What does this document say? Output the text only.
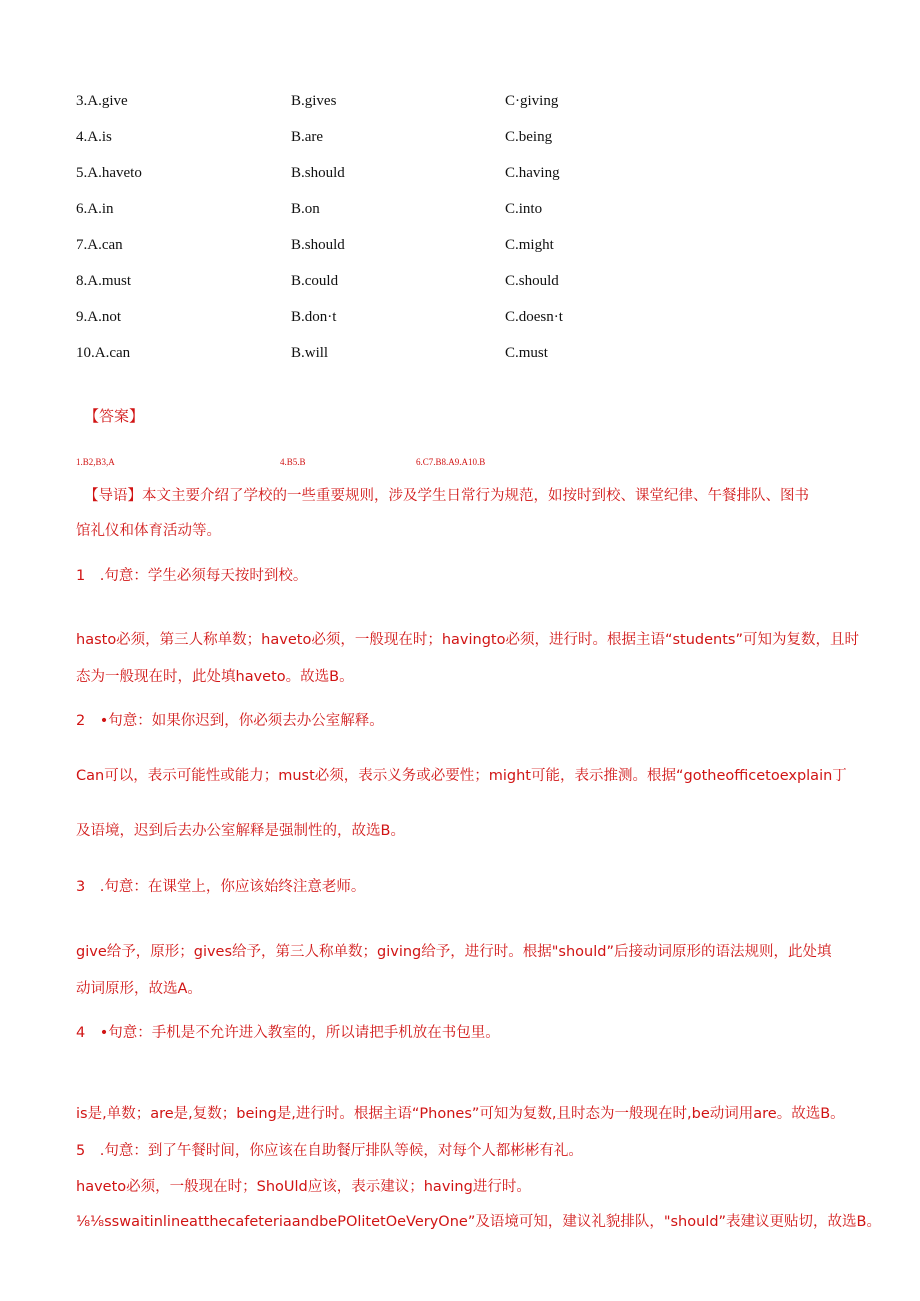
3.A.give	B.gives	C·giving
4.A.is	B.are	C.being
5.A.haveto	B.should	C.having
6.A.in	B.on	C.into
7.A.can	B.should	C.might
8.A.must	B.could	C.should
9.A.not	B.don·t	C.doesn·t
10.A.can	B.will	C.must
【答案】
1.B2,B3,A	4.B5.B	6.C7.B8.A9.A10.B
【导语】本文主要介绍了学校的一些重要规则，涉及学生日常行为规范，如按时到校、课堂纪律、午餐排队、图书
馆礼仪和体育活动等。
1　.句意：学生必须每天按时到校。
hasto必须，第三人称单数；haveto必须，一般现在时；havingto必须，进行时。根据主语“students”可知为复数，且时
态为一般现在时，此处填haveto。故选B。
2　•句意：如果你迟到，你必须去办公室解释。
Can可以，表示可能性或能力；must必须，表示义务或必要性；might可能，表示推测。根据“gotheofficetoexplain丁
及语境，迟到后去办公室解释是强制性的，故选B。
3　.句意：在课堂上，你应该始终注意老师。
give给予，原形；gives给予，第三人称单数；giving给予，进行时。根据"should”后接动词原形的语法规则，此处填
动词原形，故选A。
4　•句意：手机是不允许进入教室的，所以请把手机放在书包里。
is是,单数；are是,复数；being是,进行时。根据主语“Phones”可知为复数,且时态为一般现在时,be动词用are。故选B。
5　.句意：到了午餐时间，你应该在自助餐厅排队等候，对每个人都彬彬有礼。
haveto必须，一般现在时；ShoUld应该，表示建议；having进行时。
⅛⅛sswaitinlineatthecafeteriaandbePOlitetOeVeryOne”及语境可知，建议礼貌排队，"should”表建议更贴切，故选B。
